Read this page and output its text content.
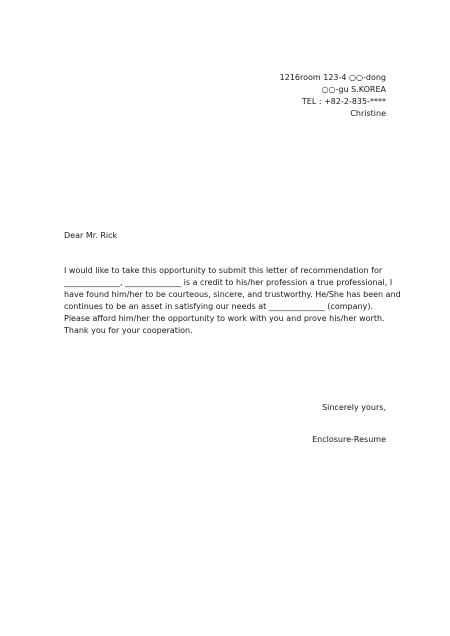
1216room 123-4 ○○-dong
○○-gu S.KOREA
TEL : +82-2-835-****
Christine
Dear Mr. Rick
I would like to take this opportunity to submit this letter of recommendation for
______________, ______________ is a credit to his/her profession a true professional, I
have found him/her to be courteous, sincere, and trustworthy. He/She has been and
continues to be an asset in satisfying our needs at ______________ (company).
Please afford him/her the opportunity to work with you and prove his/her worth.
Thank you for your cooperation.
Sincerely yours,
Enclosure-Resume
